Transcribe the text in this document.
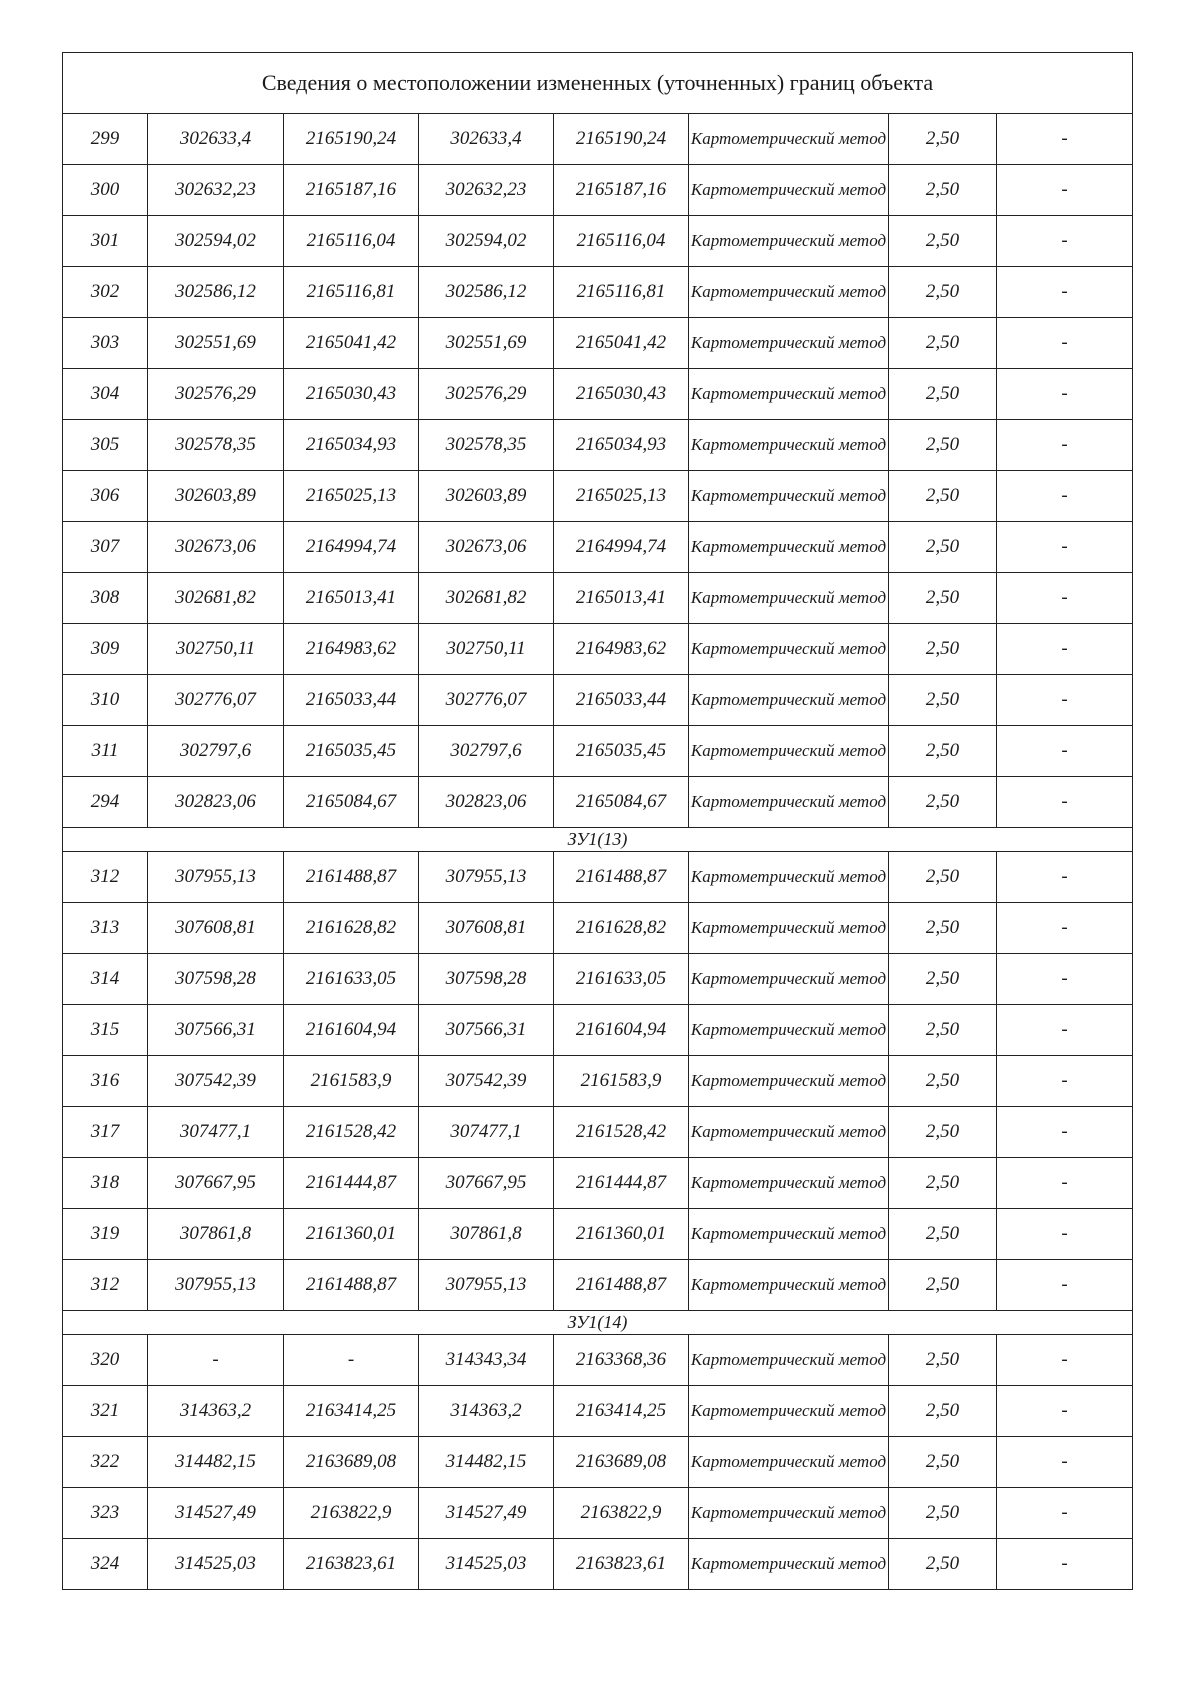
Сведения о местоположении измененных (уточненных) границ объекта							
299	302633,4	2165190,24	302633,4	2165190,24	Картометрический метод	2,50	-
300	302632,23	2165187,16	302632,23	2165187,16	Картометрический метод	2,50	-
301	302594,02	2165116,04	302594,02	2165116,04	Картометрический метод	2,50	-
302	302586,12	2165116,81	302586,12	2165116,81	Картометрический метод	2,50	-
303	302551,69	2165041,42	302551,69	2165041,42	Картометрический метод	2,50	-
304	302576,29	2165030,43	302576,29	2165030,43	Картометрический метод	2,50	-
305	302578,35	2165034,93	302578,35	2165034,93	Картометрический метод	2,50	-
306	302603,89	2165025,13	302603,89	2165025,13	Картометрический метод	2,50	-
307	302673,06	2164994,74	302673,06	2164994,74	Картометрический метод	2,50	-
308	302681,82	2165013,41	302681,82	2165013,41	Картометрический метод	2,50	-
309	302750,11	2164983,62	302750,11	2164983,62	Картометрический метод	2,50	-
310	302776,07	2165033,44	302776,07	2165033,44	Картометрический метод	2,50	-
311	302797,6	2165035,45	302797,6	2165035,45	Картометрический метод	2,50	-
294	302823,06	2165084,67	302823,06	2165084,67	Картометрический метод	2,50	-
ЗУ1(13)							
312	307955,13	2161488,87	307955,13	2161488,87	Картометрический метод	2,50	-
313	307608,81	2161628,82	307608,81	2161628,82	Картометрический метод	2,50	-
314	307598,28	2161633,05	307598,28	2161633,05	Картометрический метод	2,50	-
315	307566,31	2161604,94	307566,31	2161604,94	Картометрический метод	2,50	-
316	307542,39	2161583,9	307542,39	2161583,9	Картометрический метод	2,50	-
317	307477,1	2161528,42	307477,1	2161528,42	Картометрический метод	2,50	-
318	307667,95	2161444,87	307667,95	2161444,87	Картометрический метод	2,50	-
319	307861,8	2161360,01	307861,8	2161360,01	Картометрический метод	2,50	-
312	307955,13	2161488,87	307955,13	2161488,87	Картометрический метод	2,50	-
ЗУ1(14)							
320	-	-	314343,34	2163368,36	Картометрический метод	2,50	-
321	314363,2	2163414,25	314363,2	2163414,25	Картометрический метод	2,50	-
322	314482,15	2163689,08	314482,15	2163689,08	Картометрический метод	2,50	-
323	314527,49	2163822,9	314527,49	2163822,9	Картометрический метод	2,50	-
324	314525,03	2163823,61	314525,03	2163823,61	Картометрический метод	2,50	-
